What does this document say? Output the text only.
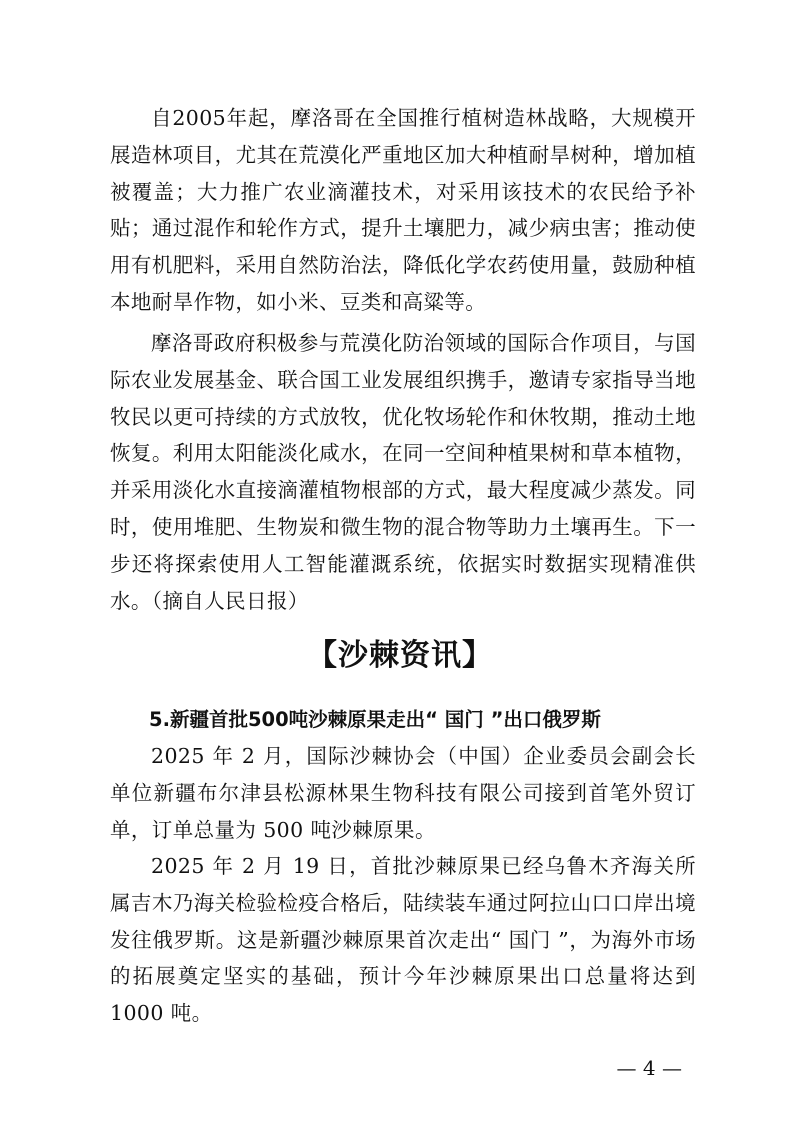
自2005年起，摩洛哥在全国推行植树造林战略，大规模开展造林项目，尤其在荒漠化严重地区加大种植耐旱树种，增加植被覆盖；大力推广农业滴灌技术，对采用该技术的农民给予补贴；通过混作和轮作方式，提升土壤肥力，减少病虫害；推动使用有机肥料，采用自然防治法，降低化学农药使用量，鼓励种植本地耐旱作物，如小米、豆类和高粱等。

摩洛哥政府积极参与荒漠化防治领域的国际合作项目，与国际农业发展基金、联合国工业发展组织携手，邀请专家指导当地牧民以更可持续的方式放牧，优化牧场轮作和休牧期，推动土地恢复。利用太阳能淡化咸水，在同一空间种植果树和草本植物，并采用淡化水直接滴灌植物根部的方式，最大程度减少蒸发。同时，使用堆肥、生物炭和微生物的混合物等助力土壤再生。下一步还将探索使用人工智能灌溉系统，依据实时数据实现精准供水。（摘自人民日报）

【沙棘资讯】
5.新疆首批500吨沙棘原果走出“ 国门 ”出口俄罗斯

2025 年 2 月，国际沙棘协会（中国）企业委员会副会长单位新疆布尔津县松源林果生物科技有限公司接到首笔外贸订单，订单总量为 500 吨沙棘原果。

2025 年 2 月 19 日，首批沙棘原果已经乌鲁木齐海关所属吉木乃海关检验检疫合格后，陆续装车通过阿拉山口口岸出境发往俄罗斯。这是新疆沙棘原果首次走出“ 国门 ”，为海外市场的拓展奠定坚实的基础，预计今年沙棘原果出口总量将达到 1000 吨。

— 4 —
